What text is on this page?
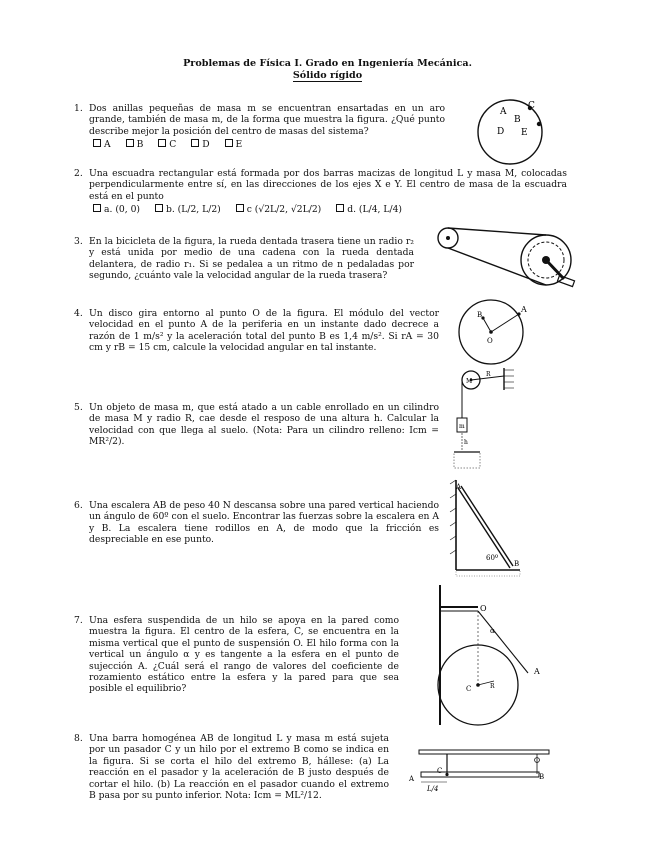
Problemas de Física I. Grado en Ingeniería Mecánica.
Sólido rígido
1. Dos anillas pequeñas de masa m se encuentran ensartadas en un aro grande, también de masa m, de la forma que muestra la figura. ¿Qué punto describe mejor la posición del centro de masas del sistema?
A	B	C	D	E
A
B
C
D E
2. Una escuadra rectangular está formada por dos barras macizas de longitud L y masa M, colocadas perpendicularmente entre sí, en las direcciones de los ejes X e Y. El centro de masa de la escuadra está en el punto
a. (0, 0)	b. (L/2, L/2)	c (√2L/2, √2L/2)	d. (L/4, L/4)
3. En la bicicleta de la figura, la rueda dentada trasera tiene un radio r₂ y está unida por medio de una cadena con la rueda dentada delantera, de radio r₁. Si se pedalea a un ritmo de n pedaladas por segundo, ¿cuánto vale la velocidad angular de la rueda trasera?
4. Un disco gira entorno al punto O de la figura. El módulo del vector velocidad en el punto A de la periferia en un instante dado decrece a razón de 1 m/s² y la aceleración total del punto B es 1,4 m/s². Si rA = 30 cm y rB = 15 cm, calcule la velocidad angular en tal instante.
A
B
O
5. Un objeto de masa m, que está atado a un cable enrollado en un cilindro de masa M y radio R, cae desde el resposo de una altura h. Calcular la velocidad con que llega al suelo. (Nota: Para un cilindro relleno: Icm = MR²/2).
R
M
m
h
6. Una escalera AB de peso 40 N descansa sobre una pared vertical haciendo un ángulo de 60º con el suelo. Encontrar las fuerzas sobre la escalera en A y B. La escalera tiene rodillos en A, de modo que la fricción es despreciable en ese punto.
A
B
60º
7. Una esfera suspendida de un hilo se apoya en la pared como muestra la figura. El centro de la esfera, C, se encuentra en la misma vertical que el punto de suspensión O. El hilo forma con la vertical un ángulo α y es tangente a la esfera en el punto de sujección A. ¿Cuál será el rango de valores del coeficiente de rozamiento estático entre la esfera y la pared para que sea posible el equilibrio?
O
α
A
C	R
8. Una barra homogénea AB de longitud L y masa m está sujeta por un pasador C y un hilo por el extremo B como se indica en la figura. Si se corta el hilo del extremo B, hállese: (a) La reacción en el pasador y la aceleración de B justo después de cortar el hilo. (b) La reacción en el pasador cuando el extremo B pasa por su punto inferior. Nota: Icm = ML²/12.
A
C
B
L/4
